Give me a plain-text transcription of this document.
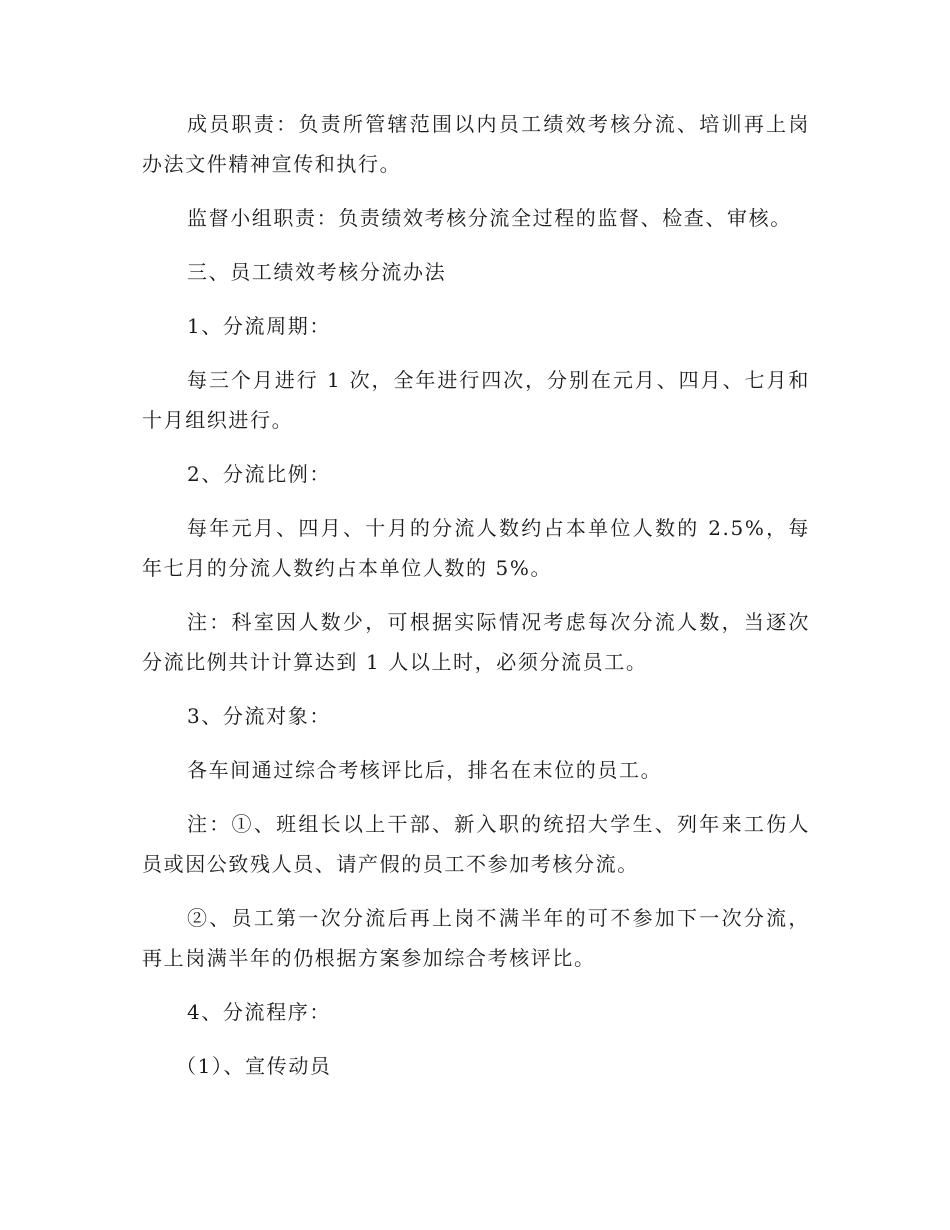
成员职责：负责所管辖范围以内员工绩效考核分流、培训再上岗办法文件精神宣传和执行。

监督小组职责：负责绩效考核分流全过程的监督、检查、审核。

三、员工绩效考核分流办法

1、分流周期：

每三个月进行 1 次，全年进行四次，分别在元月、四月、七月和十月组织进行。

2、分流比例：

每年元月、四月、十月的分流人数约占本单位人数的 2.5%，每年七月的分流人数约占本单位人数的 5%。

注：科室因人数少，可根据实际情况考虑每次分流人数，当逐次分流比例共计计算达到 1 人以上时，必须分流员工。

3、分流对象：

各车间通过综合考核评比后，排名在末位的员工。

注：①、班组长以上干部、新入职的统招大学生、列年来工伤人员或因公致残人员、请产假的员工不参加考核分流。

②、员工第一次分流后再上岗不满半年的可不参加下一次分流，再上岗满半年的仍根据方案参加综合考核评比。

4、分流程序：

（1）、宣传动员
